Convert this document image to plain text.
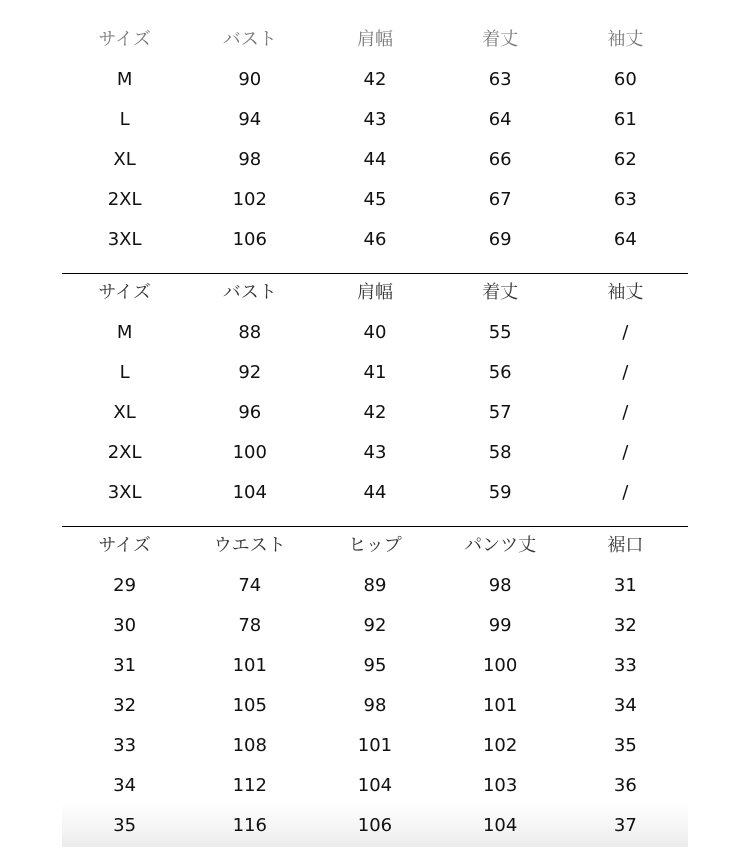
サイズ	バスト	肩幅	着丈	袖丈
M	90	42	63	60
L	94	43	64	61
XL	98	44	66	62
2XL	102	45	67	63
3XL	106	46	69	64
サイズ	バスト	肩幅	着丈	袖丈
M	88	40	55	/
L	92	41	56	/
XL	96	42	57	/
2XL	100	43	58	/
3XL	104	44	59	/
サイズ	ウエスト	ヒップ	パンツ丈	裾口
29	74	89	98	31
30	78	92	99	32
31	101	95	100	33
32	105	98	101	34
33	108	101	102	35
34	112	104	103	36
35	116	106	104	37
